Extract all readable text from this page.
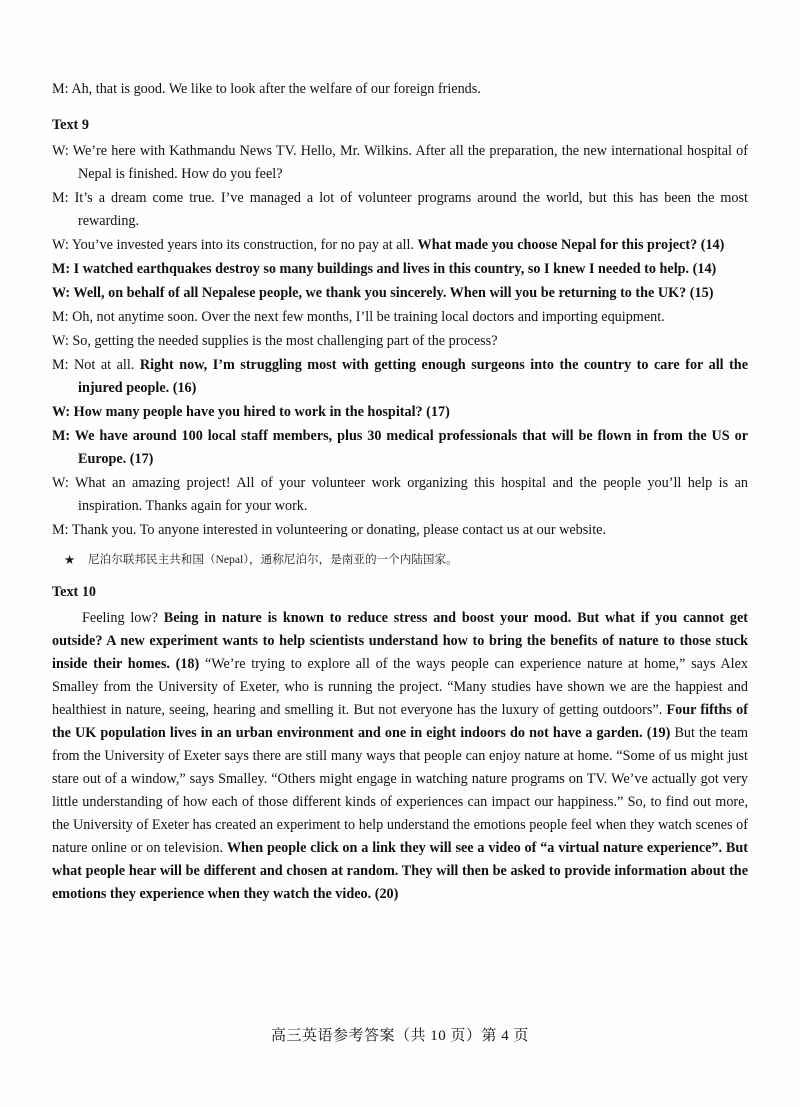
M: Ah, that is good. We like to look after the welfare of our foreign friends.

Text 9

W: We’re here with Kathmandu News TV. Hello, Mr. Wilkins. After all the preparation, the new international hospital of Nepal is finished. How do you feel?

M: It’s a dream come true. I’ve managed a lot of volunteer programs around the world, but this has been the most rewarding.

W: You’ve invested years into its construction, for no pay at all. What made you choose Nepal for this project? (14)

M: I watched earthquakes destroy so many buildings and lives in this country, so I knew I needed to help. (14)

W: Well, on behalf of all Nepalese people, we thank you sincerely. When will you be returning to the UK? (15)

M: Oh, not anytime soon. Over the next few months, I’ll be training local doctors and importing equipment.

W: So, getting the needed supplies is the most challenging part of the process?

M: Not at all. Right now, I’m struggling most with getting enough surgeons into the country to care for all the injured people. (16)

W: How many people have you hired to work in the hospital? (17)

M: We have around 100 local staff members, plus 30 medical professionals that will be flown in from the US or Europe. (17)

W: What an amazing project! All of your volunteer work organizing this hospital and the people you’ll help is an inspiration. Thanks again for your work.

M: Thank you. To anyone interested in volunteering or donating, please contact us at our website.

★ 尼泊尔联邦民主共和国（Nepal），通称尼泊尔，是南亚的一个内陆国家。

Text 10

Feeling low? Being in nature is known to reduce stress and boost your mood. But what if you cannot get outside? A new experiment wants to help scientists understand how to bring the benefits of nature to those stuck inside their homes. (18) “We’re trying to explore all of the ways people can experience nature at home,” says Alex Smalley from the University of Exeter, who is running the project. “Many studies have shown we are the happiest and healthiest in nature, seeing, hearing and smelling it. But not everyone has the luxury of getting outdoors”. Four fifths of the UK population lives in an urban environment and one in eight indoors do not have a garden. (19) But the team from the University of Exeter says there are still many ways that people can enjoy nature at home. “Some of us might just stare out of a window,” says Smalley. “Others might engage in watching nature programs on TV. We’ve actually got very little understanding of how each of those different kinds of experiences can impact our happiness.” So, to find out more, the University of Exeter has created an experiment to help understand the emotions people feel when they watch scenes of nature online or on television. When people click on a link they will see a video of “a virtual nature experience”. But what people hear will be different and chosen at random. They will then be asked to provide information about the emotions they experience when they watch the video. (20)

高三英语参考答案（共 10 页）第 4 页
